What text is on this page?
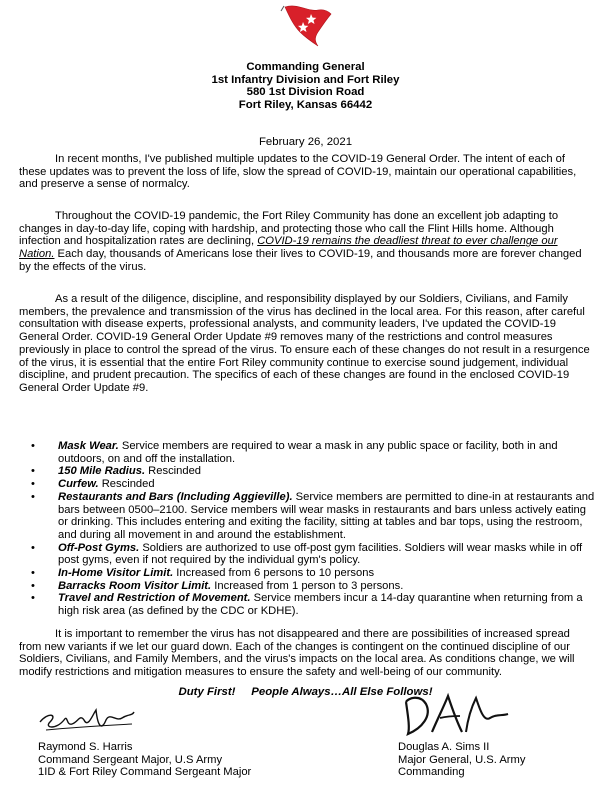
Commanding General
1st Infantry Division and Fort Riley
580 1st Division Road
Fort Riley, Kansas 66442
February 26, 2021

In recent months, I've published multiple updates to the COVID-19 General Order. The intent of each of these updates was to prevent the loss of life, slow the spread of COVID-19, maintain our operational capabilities, and preserve a sense of normalcy.

Throughout the COVID-19 pandemic, the Fort Riley Community has done an excellent job adapting to changes in day-to-day life, coping with hardship, and protecting those who call the Flint Hills home. Although infection and hospitalization rates are declining, COVID-19 remains the deadliest threat to ever challenge our Nation. Each day, thousands of Americans lose their lives to COVID-19, and thousands more are forever changed by the effects of the virus.

As a result of the diligence, discipline, and responsibility displayed by our Soldiers, Civilians, and Family members, the prevalence and transmission of the virus has declined in the local area. For this reason, after careful consultation with disease experts, professional analysts, and community leaders, I've updated the COVID-19 General Order. COVID-19 General Order Update #9 removes many of the restrictions and control measures previously in place to control the spread of the virus. To ensure each of these changes do not result in a resurgence of the virus, it is essential that the entire Fort Riley community continue to exercise sound judgement, individual discipline, and prudent precaution. The specifics of each of these changes are found in the enclosed COVID-19 General Order Update #9.

• Mask Wear. Service members are required to wear a mask in any public space or facility, both in and outdoors, on and off the installation.
• 150 Mile Radius. Rescinded
• Curfew. Rescinded
• Restaurants and Bars (Including Aggieville). Service members are permitted to dine-in at restaurants and bars between 0500–2100. Service members will wear masks in restaurants and bars unless actively eating or drinking. This includes entering and exiting the facility, sitting at tables and bar tops, using the restroom, and during all movement in and around the establishment.
• Off-Post Gyms. Soldiers are authorized to use off-post gym facilities. Soldiers will wear masks while in off post gyms, even if not required by the individual gym's policy.
• In-Home Visitor Limit. Increased from 6 persons to 10 persons
• Barracks Room Visitor Limit. Increased from 1 person to 3 persons.
• Travel and Restriction of Movement. Service members incur a 14-day quarantine when returning from a high risk area (as defined by the CDC or KDHE).

It is important to remember the virus has not disappeared and there are possibilities of increased spread from new variants if we let our guard down. Each of the changes is contingent on the continued discipline of our Soldiers, Civilians, and Family Members, and the virus's impacts on the local area. As conditions change, we will modify restrictions and mitigation measures to ensure the safety and well-being of our community.

Duty First!     People Always…All Else Follows!
Raymond S. Harris
Command Sergeant Major, U.S Army
1ID & Fort Riley Command Sergeant Major
Douglas A. Sims II
Major General, U.S. Army
Commanding
